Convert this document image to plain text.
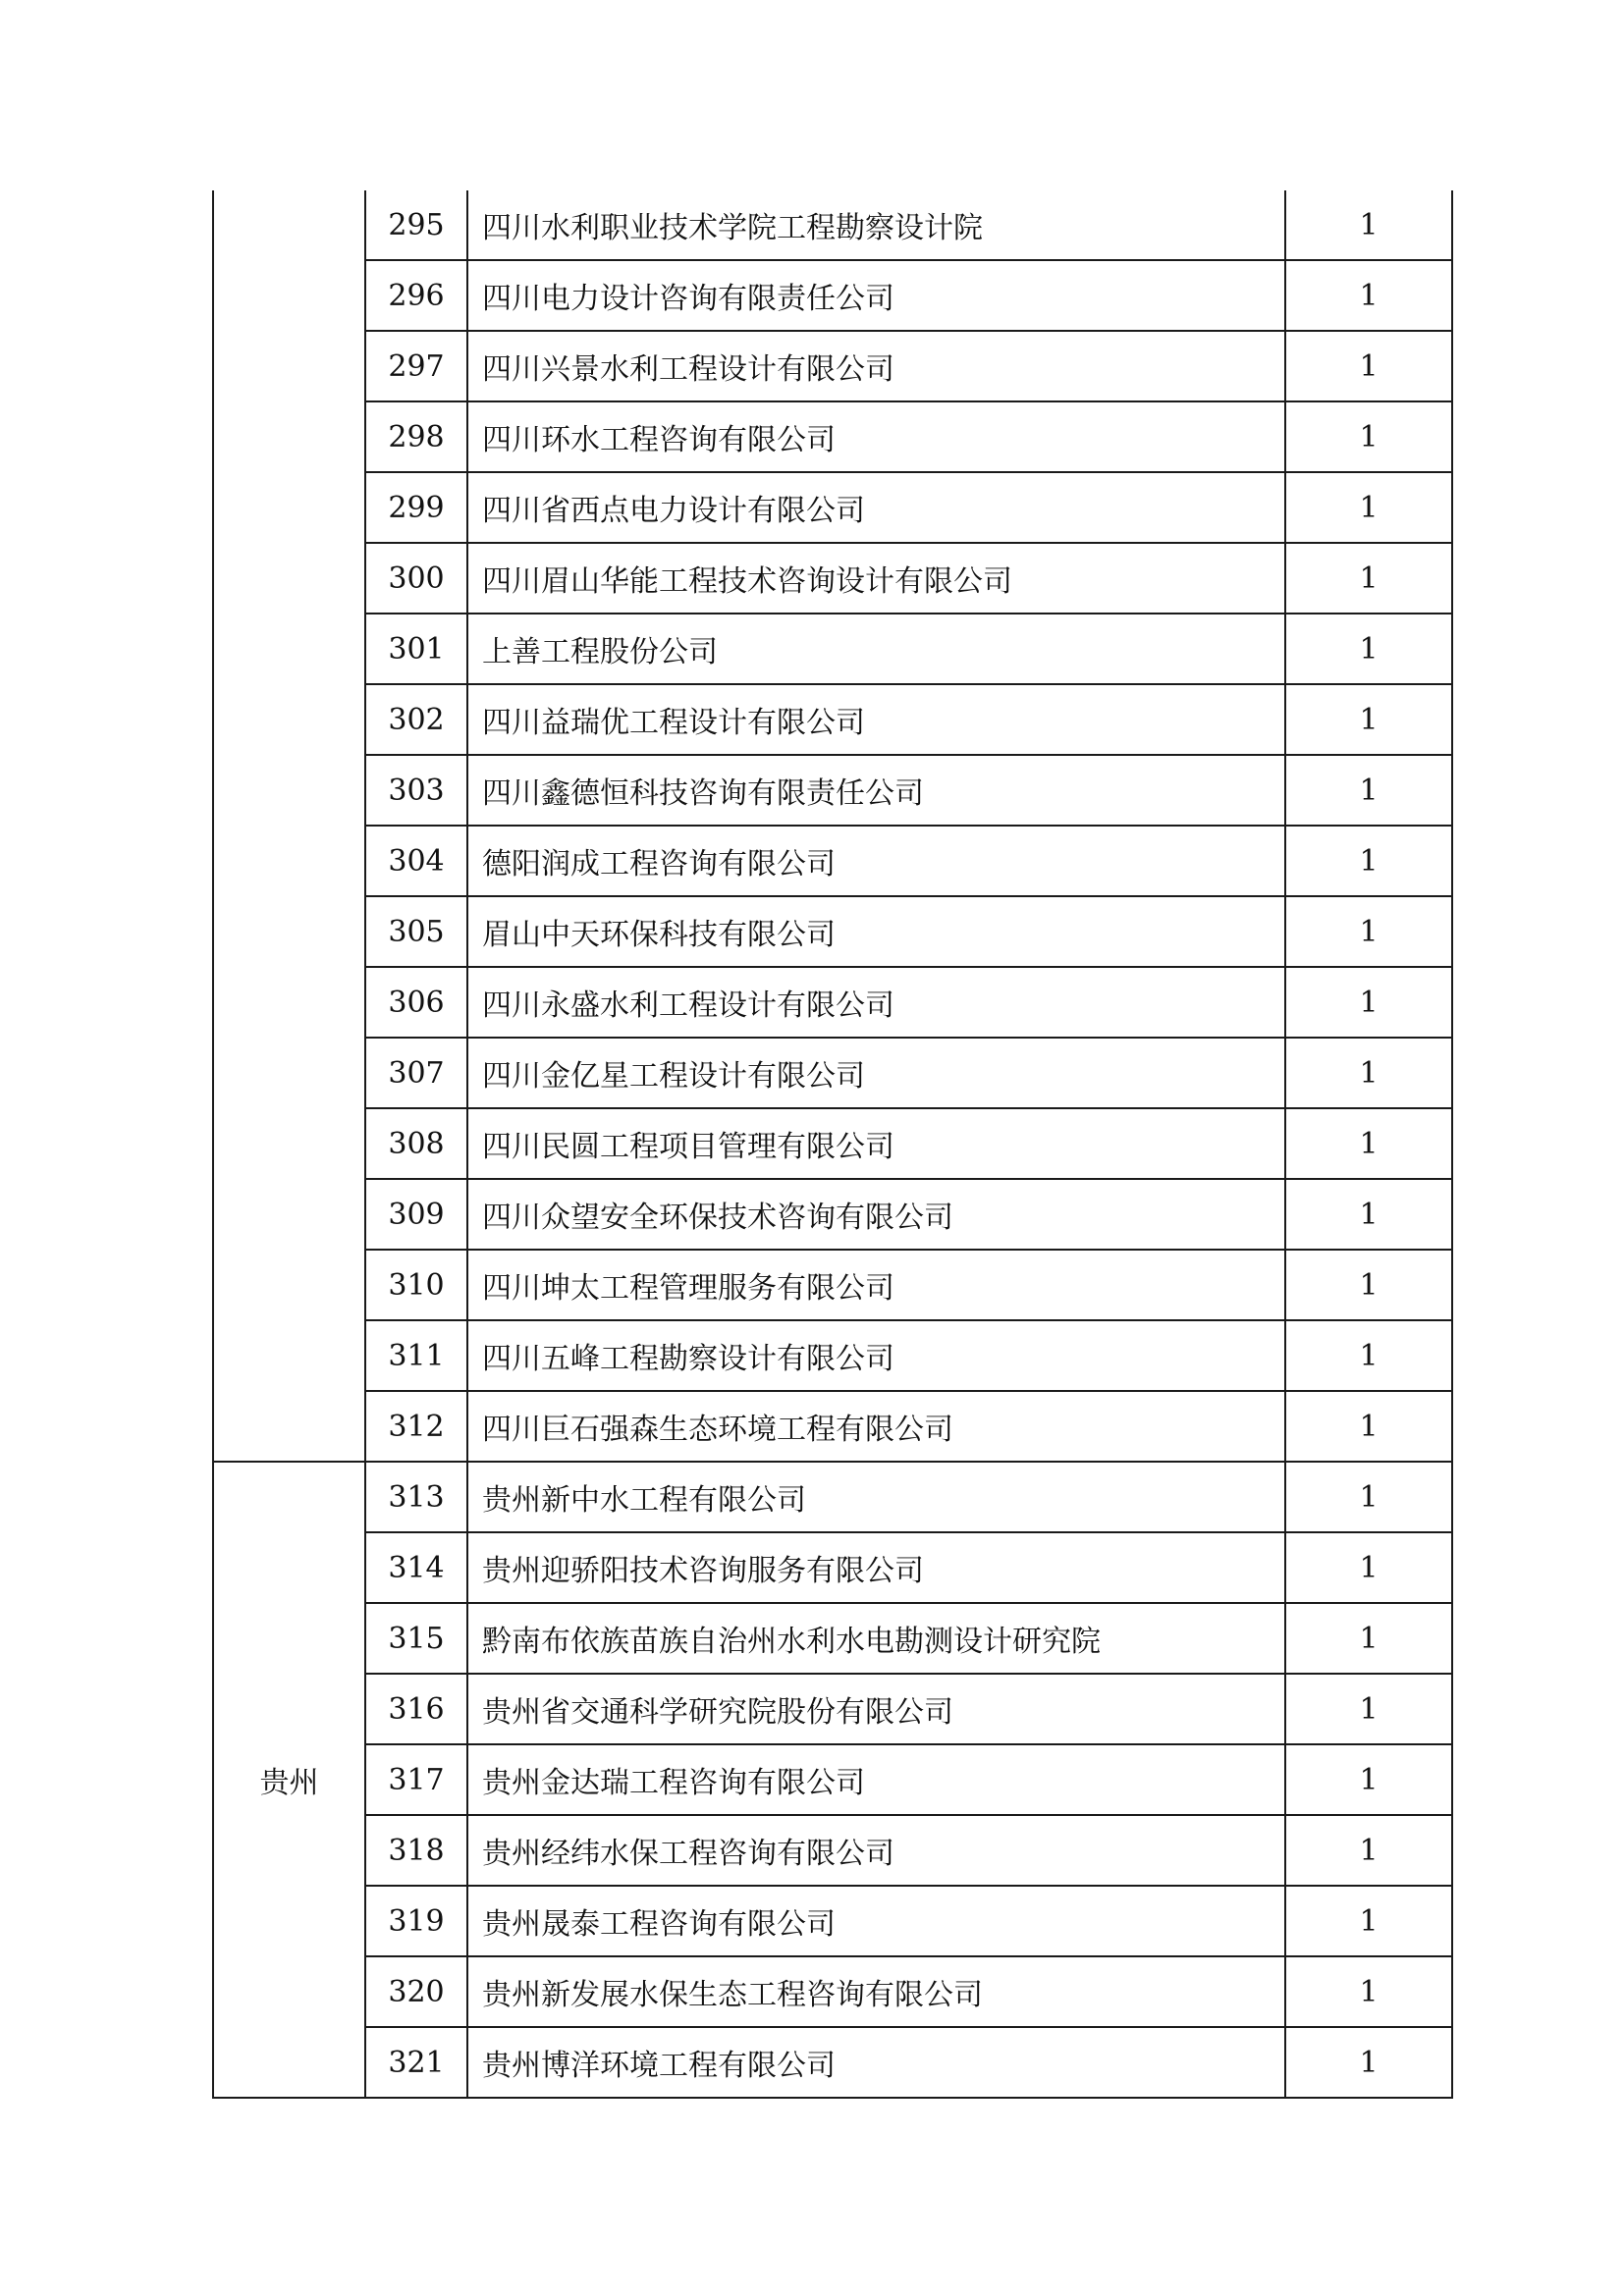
	295	四川水利职业技术学院工程勘察设计院	1
	296	四川电力设计咨询有限责任公司	1
	297	四川兴景水利工程设计有限公司	1
	298	四川环水工程咨询有限公司	1
	299	四川省西点电力设计有限公司	1
	300	四川眉山华能工程技术咨询设计有限公司	1
	301	上善工程股份公司	1
	302	四川益瑞优工程设计有限公司	1
	303	四川鑫德恒科技咨询有限责任公司	1
	304	德阳润成工程咨询有限公司	1
	305	眉山中天环保科技有限公司	1
	306	四川永盛水利工程设计有限公司	1
	307	四川金亿星工程设计有限公司	1
	308	四川民圆工程项目管理有限公司	1
	309	四川众望安全环保技术咨询有限公司	1
	310	四川坤太工程管理服务有限公司	1
	311	四川五峰工程勘察设计有限公司	1
	312	四川巨石强森生态环境工程有限公司	1
贵州	313	贵州新中水工程有限公司	1
	314	贵州迎骄阳技术咨询服务有限公司	1
	315	黔南布依族苗族自治州水利水电勘测设计研究院	1
	316	贵州省交通科学研究院股份有限公司	1
	317	贵州金达瑞工程咨询有限公司	1
	318	贵州经纬水保工程咨询有限公司	1
	319	贵州晟泰工程咨询有限公司	1
	320	贵州新发展水保生态工程咨询有限公司	1
	321	贵州博洋环境工程有限公司	1
